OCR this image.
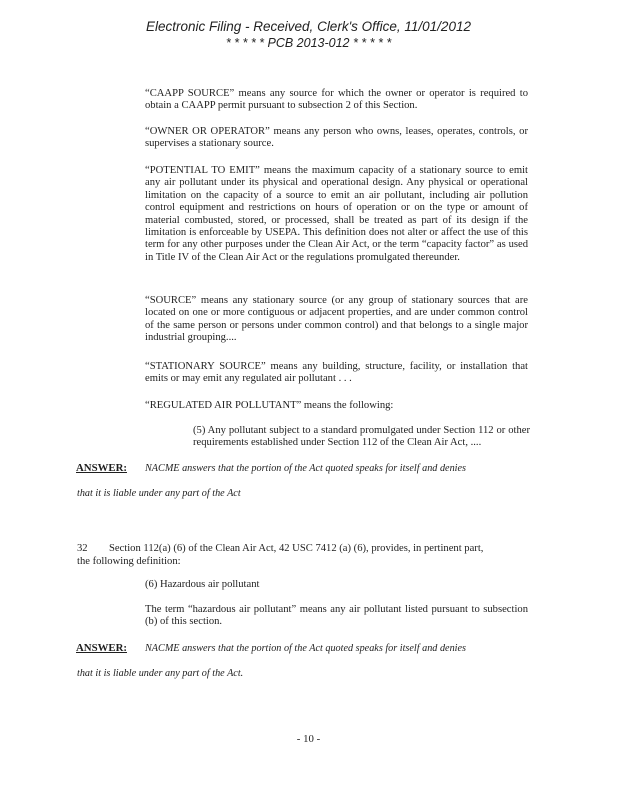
Electronic Filing - Received, Clerk's Office, 11/01/2012
* * * * * PCB 2013-012 * * * * *

“CAAPP SOURCE” means any source for which the owner or operator is required to obtain a CAAPP permit pursuant to subsection 2 of this Section.

“OWNER OR OPERATOR” means any person who owns, leases, operates, controls, or supervises a stationary source.

“POTENTIAL TO EMIT” means the maximum capacity of a stationary source to emit any air pollutant under its physical and operational design. Any physical or operational limitation on the capacity of a source to emit an air pollutant, including air pollution control equipment and restrictions on hours of operation or on the type or amount of material combusted, stored, or processed, shall be treated as part of its design if the limitation is enforceable by USEPA. This definition does not alter or affect the use of this term for any other purposes under the Clean Air Act, or the term “capacity factor” as used in Title IV of the Clean Air Act or the regulations promulgated thereunder.

“SOURCE” means any stationary source (or any group of stationary sources that are located on one or more contiguous or adjacent properties, and are under common control of the same person or persons under common control) and that belongs to a single major industrial grouping....

“STATIONARY SOURCE” means any building, structure, facility, or installation that emits or may emit any regulated air pollutant . . .

“REGULATED AIR POLLUTANT” means the following:

(5) Any pollutant subject to a standard promulgated under Section 112 or other requirements established under Section 112 of the Clean Air Act, ....

ANSWER: NACME answers that the portion of the Act quoted speaks for itself and denies

that it is liable under any part of the Act

32 Section 112(a) (6) of the Clean Air Act, 42 USC 7412 (a) (6), provides, in pertinent part,

the following definition:

(6) Hazardous air pollutant

The term “hazardous air pollutant” means any air pollutant listed pursuant to subsection (b) of this section.

ANSWER: NACME answers that the portion of the Act quoted speaks for itself and denies

that it is liable under any part of the Act.

- 10 -
